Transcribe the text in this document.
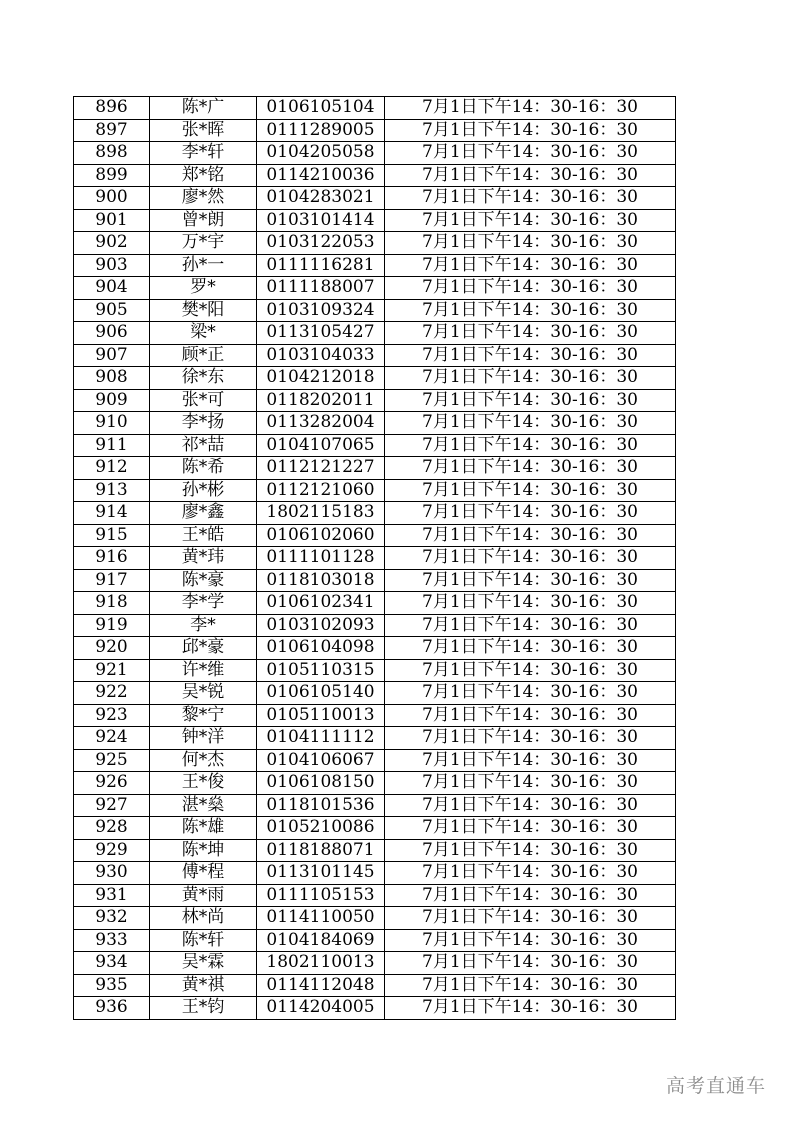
896	陈*广	0106105104	7月1日下午14：30-16：30
897	张*晖	0111289005	7月1日下午14：30-16：30
898	李*轩	0104205058	7月1日下午14：30-16：30
899	郑*铭	0114210036	7月1日下午14：30-16：30
900	廖*然	0104283021	7月1日下午14：30-16：30
901	曾*朗	0103101414	7月1日下午14：30-16：30
902	万*宇	0103122053	7月1日下午14：30-16：30
903	孙*一	0111116281	7月1日下午14：30-16：30
904	罗*	0111188007	7月1日下午14：30-16：30
905	樊*阳	0103109324	7月1日下午14：30-16：30
906	梁*	0113105427	7月1日下午14：30-16：30
907	顾*正	0103104033	7月1日下午14：30-16：30
908	徐*东	0104212018	7月1日下午14：30-16：30
909	张*可	0118202011	7月1日下午14：30-16：30
910	李*扬	0113282004	7月1日下午14：30-16：30
911	祁*喆	0104107065	7月1日下午14：30-16：30
912	陈*希	0112121227	7月1日下午14：30-16：30
913	孙*彬	0112121060	7月1日下午14：30-16：30
914	廖*鑫	1802115183	7月1日下午14：30-16：30
915	王*皓	0106102060	7月1日下午14：30-16：30
916	黄*玮	0111101128	7月1日下午14：30-16：30
917	陈*豪	0118103018	7月1日下午14：30-16：30
918	李*学	0106102341	7月1日下午14：30-16：30
919	李*	0103102093	7月1日下午14：30-16：30
920	邱*豪	0106104098	7月1日下午14：30-16：30
921	许*维	0105110315	7月1日下午14：30-16：30
922	吴*锐	0106105140	7月1日下午14：30-16：30
923	黎*宁	0105110013	7月1日下午14：30-16：30
924	钟*洋	0104111112	7月1日下午14：30-16：30
925	何*杰	0104106067	7月1日下午14：30-16：30
926	王*俊	0106108150	7月1日下午14：30-16：30
927	湛*燊	0118101536	7月1日下午14：30-16：30
928	陈*雄	0105210086	7月1日下午14：30-16：30
929	陈*坤	0118188071	7月1日下午14：30-16：30
930	傅*程	0113101145	7月1日下午14：30-16：30
931	黄*雨	0111105153	7月1日下午14：30-16：30
932	林*尚	0114110050	7月1日下午14：30-16：30
933	陈*轩	0104184069	7月1日下午14：30-16：30
934	吴*霖	1802110013	7月1日下午14：30-16：30
935	黄*祺	0114112048	7月1日下午14：30-16：30
936	王*钧	0114204005	7月1日下午14：30-16：30
高考直通车
